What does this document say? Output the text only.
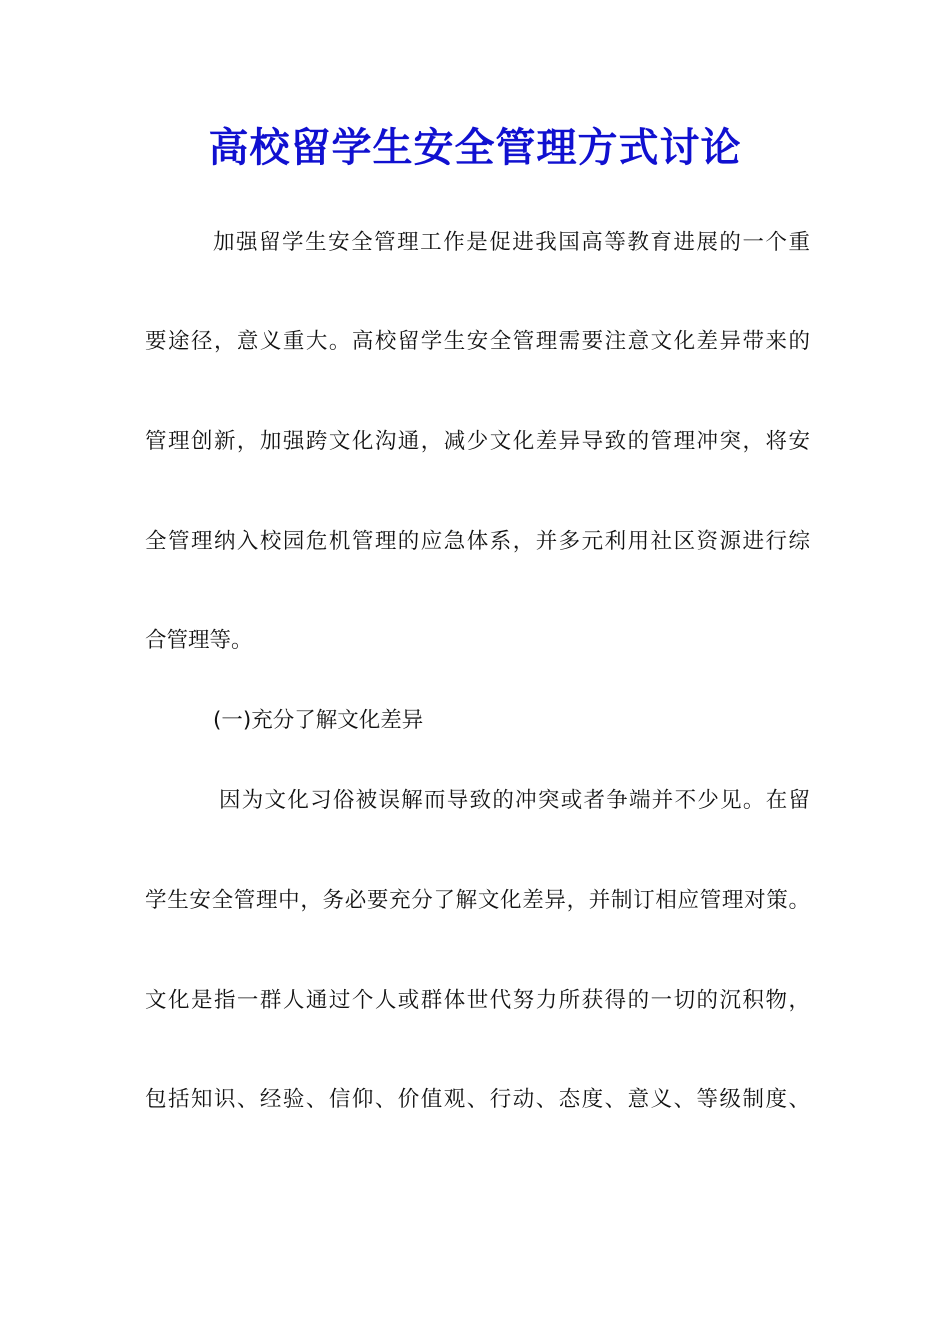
高校留学生安全管理方式讨论

加强留学生安全管理工作是促进我国高等教育进展的一个重

要途径，意义重大。高校留学生安全管理需要注意文化差异带来的

管理创新，加强跨文化沟通，减少文化差异导致的管理冲突，将安

全管理纳入校园危机管理的应急体系，并多元利用社区资源进行综

合管理等。

(一)充分了解文化差异

因为文化习俗被误解而导致的冲突或者争端并不少见。在留

学生安全管理中，务必要充分了解文化差异，并制订相应管理对策。

文化是指一群人通过个人或群体世代努力所获得的一切的沉积物，

包括知识、经验、信仰、价值观、行动、态度、意义、等级制度、
